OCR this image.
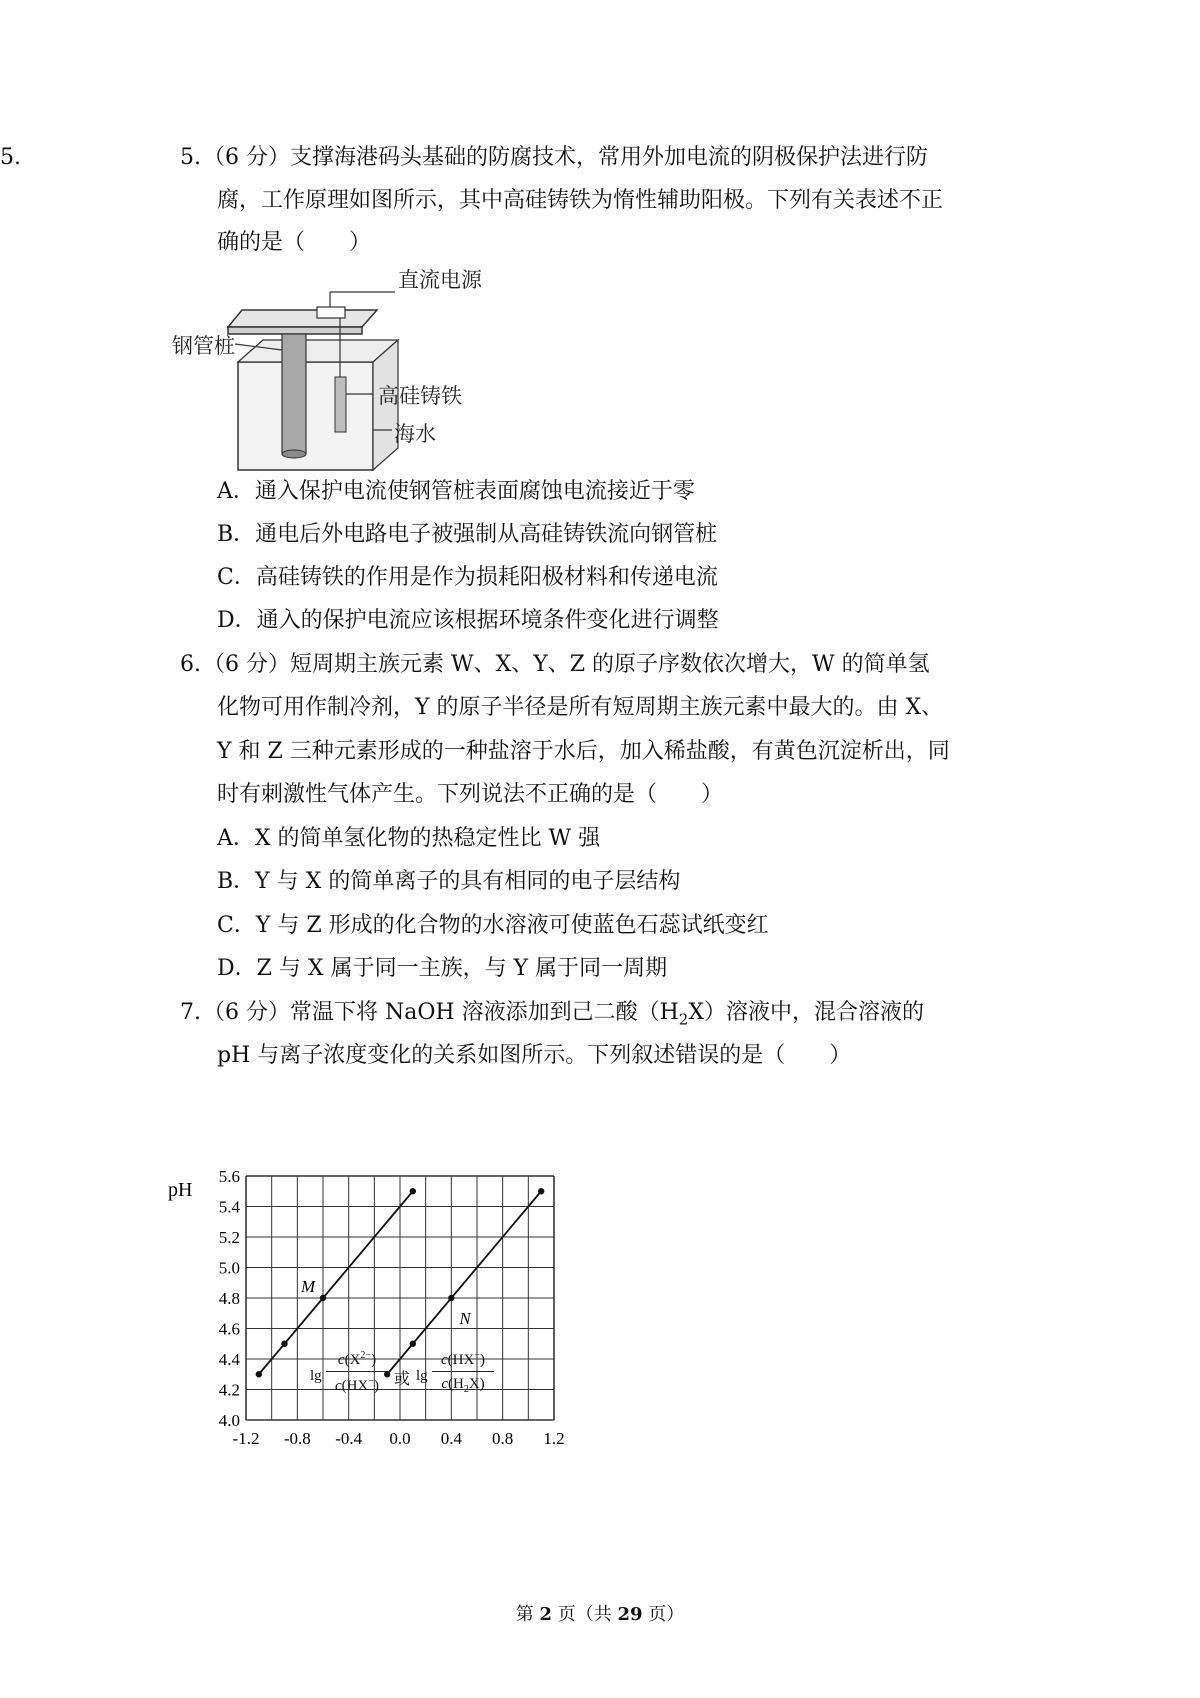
5.	（6 分）支撑海港码头基础的防腐技术，常用外加电流的阴极保护法进行防
腐，工作原理如图所示，其中高硅铸铁为惰性辅助阳极。下列有关表述不正
确的是（　　）
5.
直流电源
钢管桩
高硅铸铁
海水
A．通入保护电流使钢管桩表面腐蚀电流接近于零
B．通电后外电路电子被强制从高硅铸铁流向钢管桩
C．高硅铸铁的作用是作为损耗阳极材料和传递电流
D．通入的保护电流应该根据环境条件变化进行调整
6. （6 分）短周期主族元素 W、X、Y、Z 的原子序数依次增大，W 的简单氢
化物可用作制冷剂，Y 的原子半径是所有短周期主族元素中最大的。由 X、
Y 和 Z 三种元素形成的一种盐溶于水后，加入稀盐酸，有黄色沉淀析出，同
时有刺激性气体产生。下列说法不正确的是（　　）
A．X 的简单氢化物的热稳定性比 W 强
B．Y 与 X 的简单离子的具有相同的电子层结构
C．Y 与 Z 形成的化合物的水溶液可使蓝色石蕊试纸变红
D．Z 与 X 属于同一主族，与 Y 属于同一周期
7. （6 分）常温下将 NaOH 溶液添加到己二酸$(H_2X)$溶液中，混合溶液的
pH 与离子浓度变化的关系如图所示。下列叙述错误的是（　　）
4.0
4.2
4.4
4.6
4.8
5.0
5.2
5.4
5.6
-1.2 -0.8 -0.4 0.0 0.4 0.8 1.2
M
N
pH
lg
$c(X^{2-})$
c(HX−) 或 lg
c(HX−)
$c(H_2X)$
第 2 页（共 29 页）
